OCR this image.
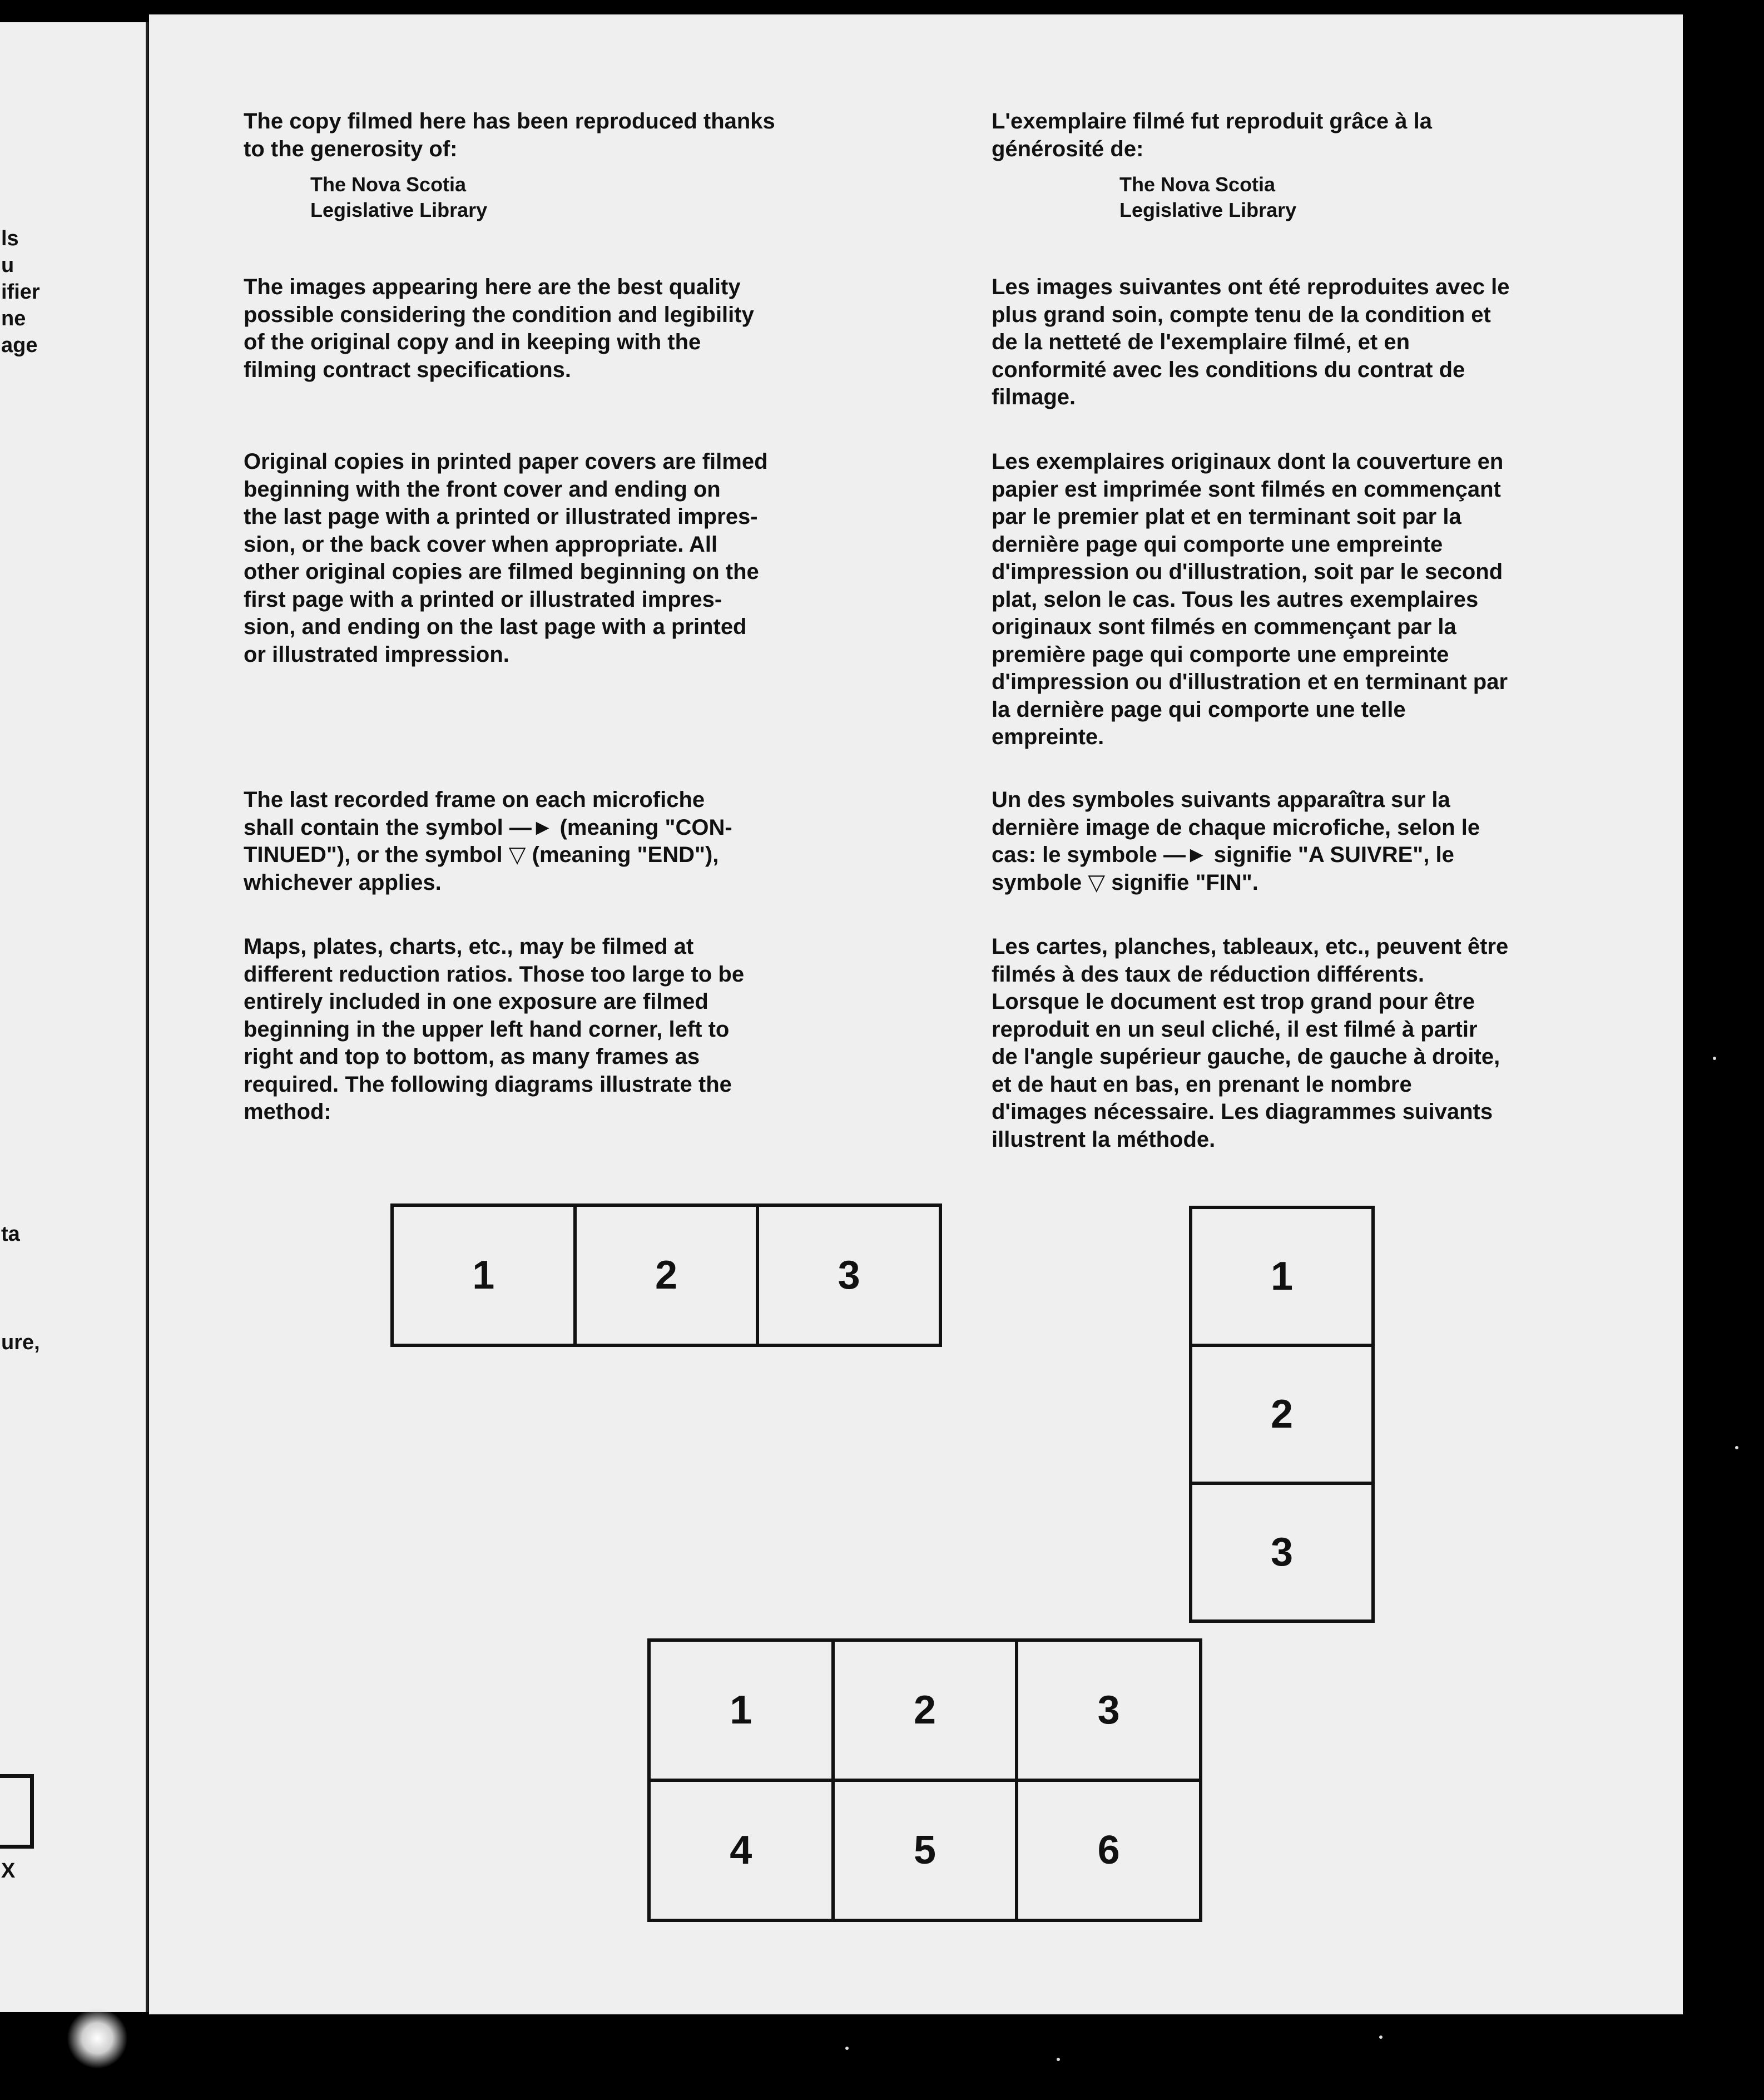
ls
u
ifier
ne
age
ta
ure,
X

The copy filmed here has been reproduced thanks
to the generosity of:

The Nova Scotia
Legislative Library

The images appearing here are the best quality
possible considering the condition and legibility
of the original copy and in keeping with the
filming contract specifications.

Original copies in printed paper covers are filmed
beginning with the front cover and ending on
the last page with a printed or illustrated impres-
sion, or the back cover when appropriate. All
other original copies are filmed beginning on the
first page with a printed or illustrated impres-
sion, and ending on the last page with a printed
or illustrated impression.

The last recorded frame on each microfiche
shall contain the symbol —► (meaning "CON-
TINUED"), or the symbol ▽ (meaning "END"),
whichever applies.

Maps, plates, charts, etc., may be filmed at
different reduction ratios. Those too large to be
entirely included in one exposure are filmed
beginning in the upper left hand corner, left to
right and top to bottom, as many frames as
required. The following diagrams illustrate the
method:

L'exemplaire filmé fut reproduit grâce à la
générosité de:

The Nova Scotia
Legislative Library

Les images suivantes ont été reproduites avec le
plus grand soin, compte tenu de la condition et
de la netteté de l'exemplaire filmé, et en
conformité avec les conditions du contrat de
filmage.

Les exemplaires originaux dont la couverture en
papier est imprimée sont filmés en commençant
par le premier plat et en terminant soit par la
dernière page qui comporte une empreinte
d'impression ou d'illustration, soit par le second
plat, selon le cas. Tous les autres exemplaires
originaux sont filmés en commençant par la
première page qui comporte une empreinte
d'impression ou d'illustration et en terminant par
la dernière page qui comporte une telle
empreinte.

Un des symboles suivants apparaîtra sur la
dernière image de chaque microfiche, selon le
cas: le symbole —► signifie "A SUIVRE", le
symbole ▽ signifie "FIN".

Les cartes, planches, tableaux, etc., peuvent être
filmés à des taux de réduction différents.
Lorsque le document est trop grand pour être
reproduit en un seul cliché, il est filmé à partir
de l'angle supérieur gauche, de gauche à droite,
et de haut en bas, en prenant le nombre
d'images nécessaire. Les diagrammes suivants
illustrent la méthode.

1	2	3	1
2
3
1	2	3
4	5	6
